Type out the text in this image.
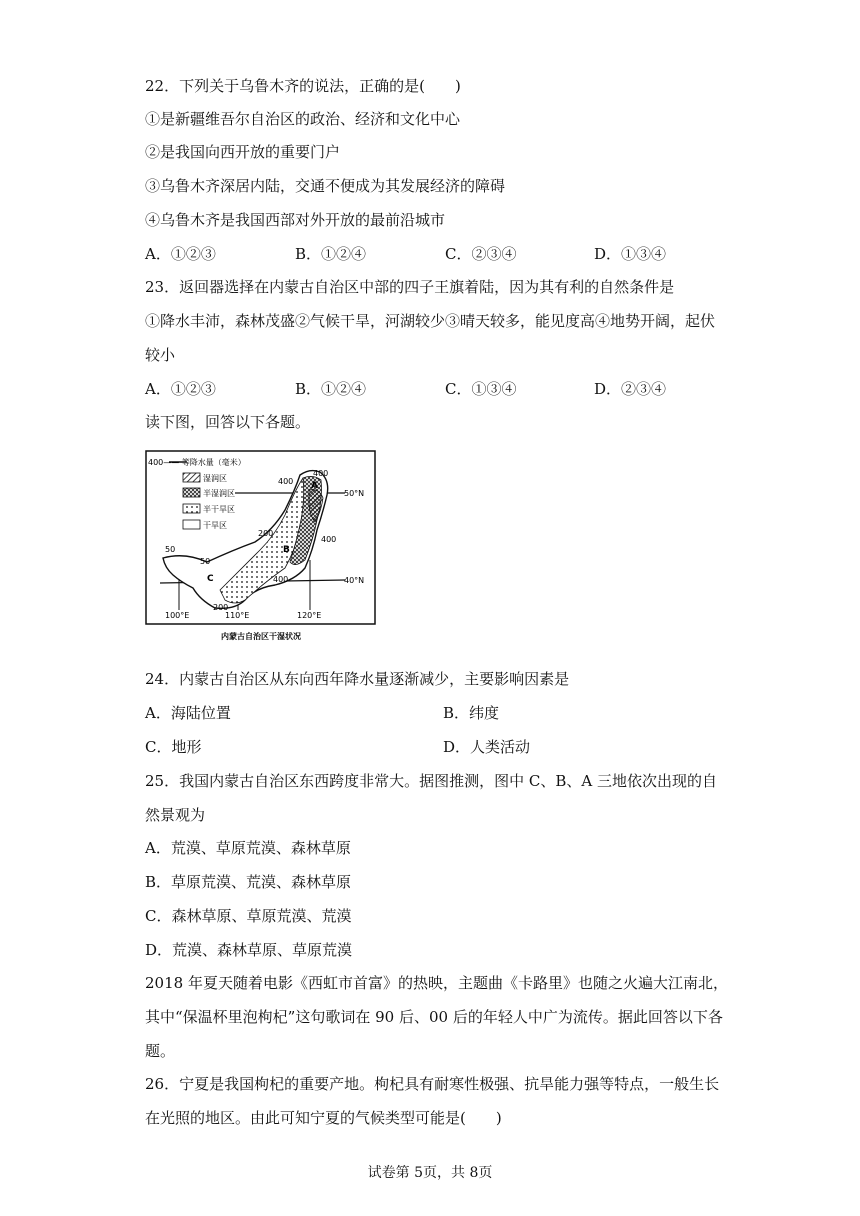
22．下列关于乌鲁木齐的说法，正确的是(　　)
①是新疆维吾尔自治区的政治、经济和文化中心
②是我国向西开放的重要门户
③乌鲁木齐深居内陆，交通不便成为其发展经济的障碍
④乌鲁木齐是我国西部对外开放的最前沿城市
A．①②③	B．①②④	C．②③④	D．①③④
23．返回器选择在内蒙古自治区中部的四子王旗着陆，因为其有利的自然条件是
①降水丰沛，森林茂盛②气候干旱，河湖较少③晴天较多，能见度高④地势开阔，起伏
较小
A．①②③	B．①②④	C．①③④	D．②③④
读下图，回答以下各题。
400—— 等降水量（毫米）
湿润区
半湿润区
半干旱区
干旱区
50°N
40°N
100°E	110°E	120°E
400
400
200
400
400
50
50
200
A
B
C
内蒙古自治区干湿状况
24．内蒙古自治区从东向西年降水量逐渐减少，主要影响因素是
A．海陆位置	B．纬度
C．地形	D．人类活动
25．我国内蒙古自治区东西跨度非常大。据图推测，图中 C、B、A 三地依次出现的自
然景观为
A．荒漠、草原荒漠、森林草原
B．草原荒漠、荒漠、森林草原
C．森林草原、草原荒漠、荒漠
D．荒漠、森林草原、草原荒漠
2018 年夏天随着电影《西虹市首富》的热映，主题曲《卡路里》也随之火遍大江南北，
其中“保温杯里泡枸杞”这句歌词在 90 后、00 后的年轻人中广为流传。据此回答以下各
题。
26．宁夏是我国枸杞的重要产地。枸杞具有耐寒性极强、抗旱能力强等特点，一般生长
在光照的地区。由此可知宁夏的气候类型可能是(　　)
试卷第 5页，共 8页
